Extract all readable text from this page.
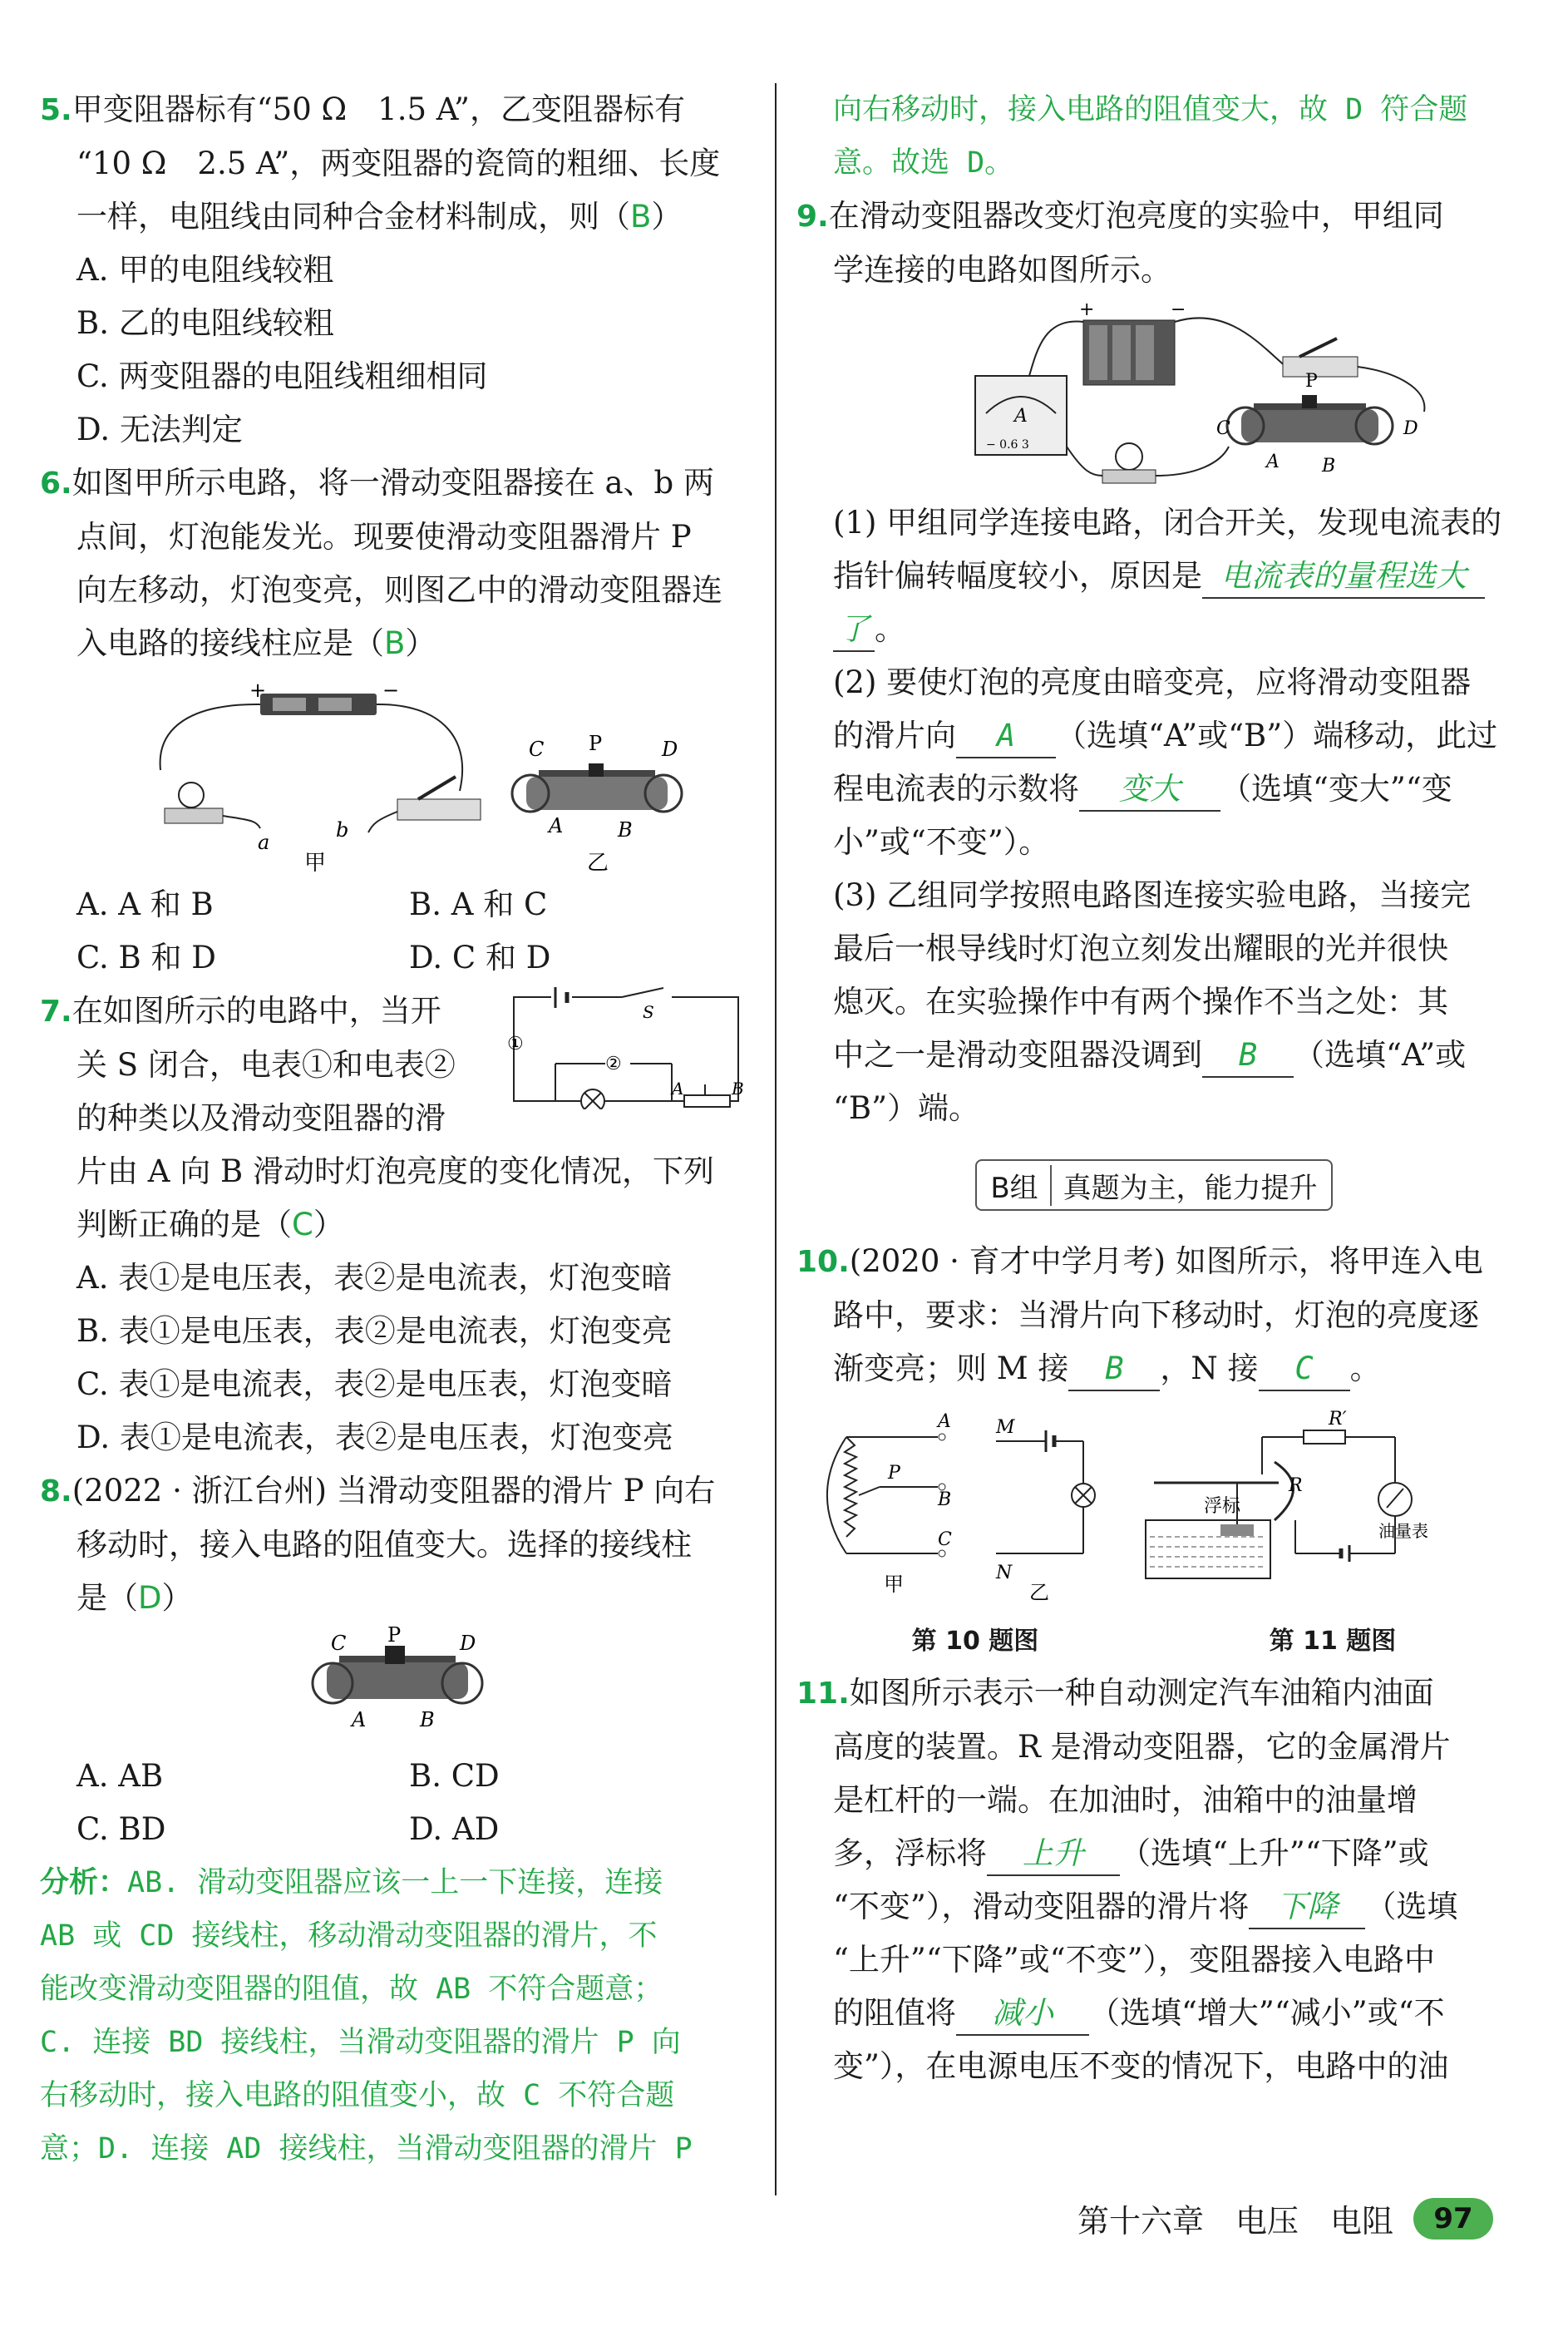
5.甲变阻器标有“50 Ω　1.5 A”，乙变阻器标有
“10 Ω　2.5 A”，两变阻器的瓷筒的粗细、长度
一样，电阻线由同种合金材料制成，则（B）
A. 甲的电阻线较粗
B. 乙的电阻线较粗
C. 两变阻器的电阻线粗细相同
D. 无法判定
6.如图甲所示电路，将一滑动变阻器接在 a、b 两
点间，灯泡能发光。现要使滑动变阻器滑片 P
向左移动，灯泡变亮，则图乙中的滑动变阻器连
入电路的接线柱应是（B）
+	−
a
b
甲
C P	D
A	B
乙
A. A 和 B	B. A 和 C
C. B 和 D	D. C 和 D
S
①
②
A	B
7.在如图所示的电路中，当开
关 S 闭合，电表①和电表②
的种类以及滑动变阻器的滑
片由 A 向 B 滑动时灯泡亮度的变化情况，下列
判断正确的是（C）
A. 表①是电压表，表②是电流表，灯泡变暗
B. 表①是电压表，表②是电流表，灯泡变亮
C. 表①是电流表，表②是电压表，灯泡变暗
D. 表①是电流表，表②是电压表，灯泡变亮
8.(2022 · 浙江台州) 当滑动变阻器的滑片 P 向右
移动时，接入电路的阻值变大。选择的接线柱
是（D）
C P	D
A	B
A. AB	B. CD
C. BD	D. AD
分析：AB. 滑动变阻器应该一上一下连接，连接
AB 或 CD 接线柱，移动滑动变阻器的滑片，不
能改变滑动变阻器的阻值，故 AB 不符合题意；
C. 连接 BD 接线柱，当滑动变阻器的滑片 P 向
右移动时，接入电路的阻值变小，故 C 不符合题
意；D. 连接 AD 接线柱，当滑动变阻器的滑片 P
向右移动时，接入电路的阻值变大，故 D 符合题
意。故选 D。
9.在滑动变阻器改变灯泡亮度的实验中，甲组同
学连接的电路如图所示。
+	−
A
− 0.6 3
P
C	D
A B
(1) 甲组同学连接电路，闭合开关，发现电流表的
指针偏转幅度较小，原因是 电流表的量程选大
了 。
(2) 要使灯泡的亮度由暗变亮，应将滑动变阻器
的滑片向 A （选填“A”或“B”）端移动，此过
程电流表的示数将 变大 （选填“变大”“变
小”或“不变”）。
(3) 乙组同学按照电路图连接实验电路，当接完
最后一根导线时灯泡立刻发出耀眼的光并很快
熄灭。在实验操作中有两个操作不当之处：其
中之一是滑动变阻器没调到 B （选填“A”或
“B”）端。
B组 真题为主，能力提升
10.(2020 · 育才中学月考) 如图所示，将甲连入电
路中，要求：当滑片向下移动时，灯泡的亮度逐
渐变亮；则 M 接 B ，N 接 C 。
A
P
B
C
甲
M
N
乙
R′
R
油量表
浮标
第 10 题图	第 11 题图
11.如图所示表示一种自动测定汽车油箱内油面
高度的装置。R 是滑动变阻器，它的金属滑片
是杠杆的一端。在加油时，油箱中的油量增
多，浮标将 上升 （选填“上升”“下降”或
“不变”），滑动变阻器的滑片将 下降 （选填
“上升”“下降”或“不变”），变阻器接入电路中
的阻值将 减小 （选填“增大”“减小”或“不
变”），在电源电压不变的情况下，电路中的油
第十六章　电压　电阻	97
